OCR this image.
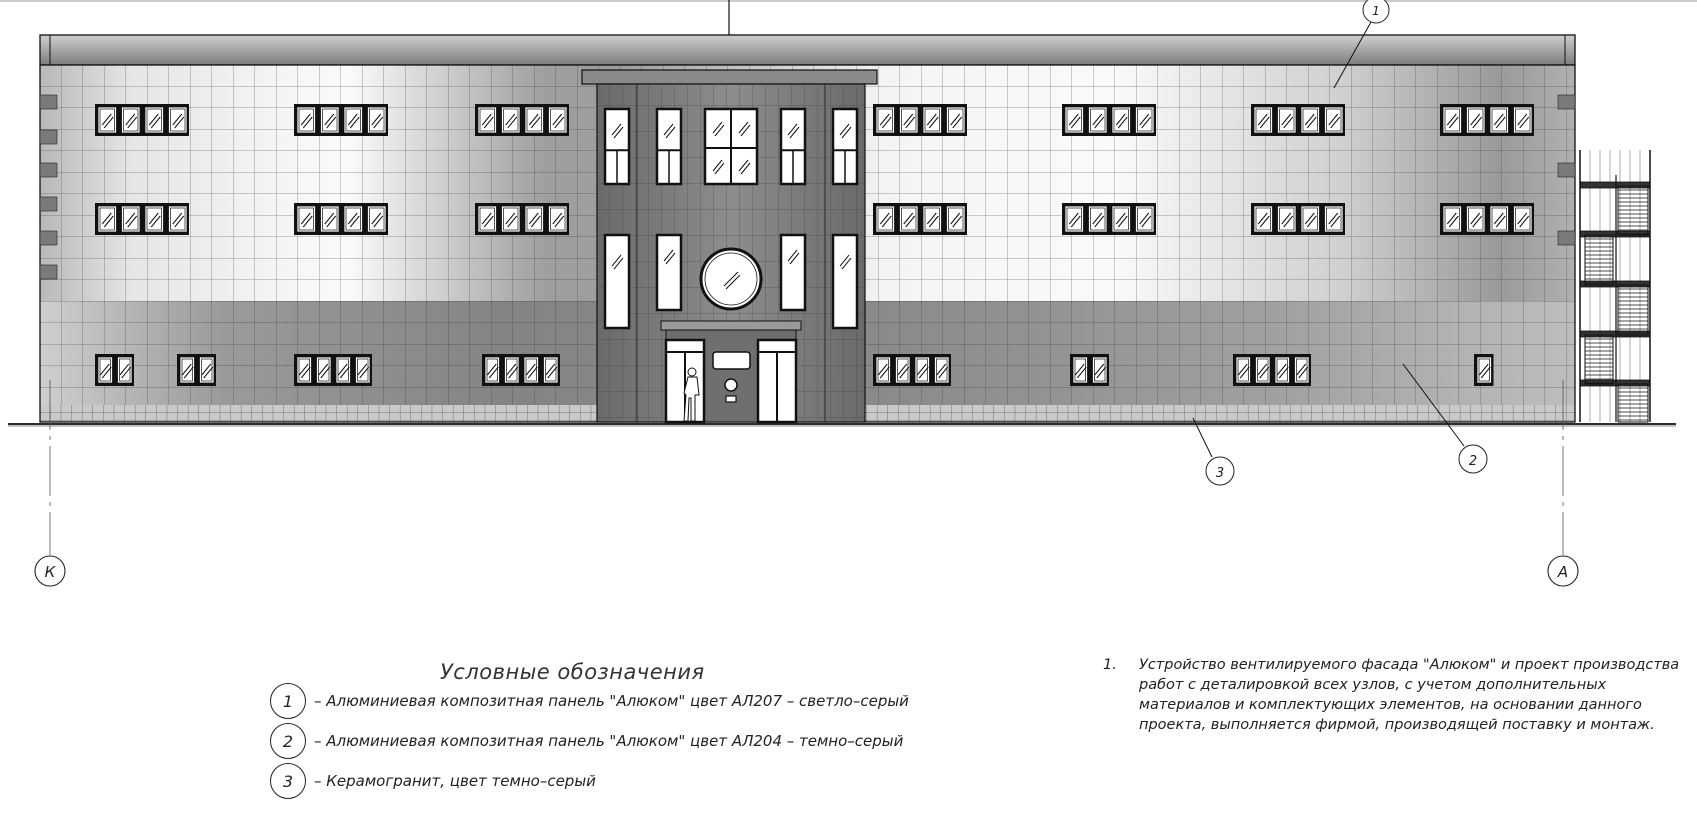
К	А
1
2
3
Условные обозначения
1	– Алюминиевая композитная панель "Алюком" цвет АЛ207 – светло–серый
2	– Алюминиевая композитная панель "Алюком" цвет АЛ204 – темно–серый
3	– Керамогранит, цвет темно–серый
1. Устройство вентилируемого фасада "Алюком" и проект производства
работ с деталировкой всех узлов, с учетом дополнительных
материалов и комплектующих элементов, на основании данного
проекта, выполняется фирмой, производящей поставку и монтаж.
